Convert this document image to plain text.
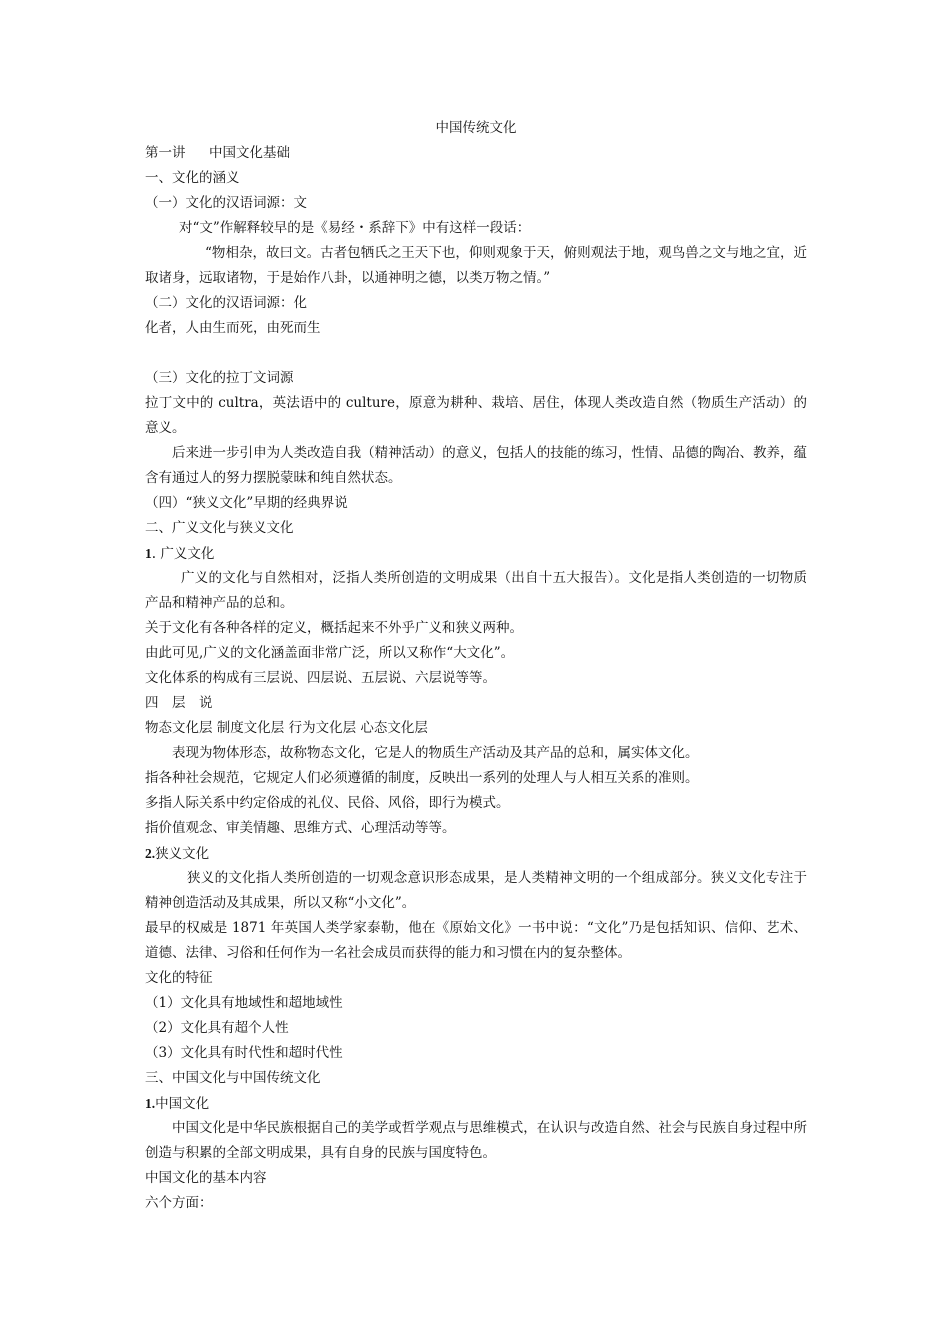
中国传统文化
第一讲 中国文化基础
一、文化的涵义
（一）文化的汉语词源：文
对“文”作解释较早的是《易经・系辞下》中有这样一段话：
“物相杂，故曰文。古者包牺氏之王天下也，仰则观象于天，俯则观法于地，观鸟兽之文与地之宜，近取诸身，远取诸物，于是始作八卦，以通神明之德，以类万物之情。”
（二）文化的汉语词源：化
化者，人由生而死，由死而生
（三）文化的拉丁文词源
拉丁文中的 cultra，英法语中的 culture，原意为耕种、栽培、居住，体现人类改造自然（物质生产活动）的意义。
后来进一步引申为人类改造自我（精神活动）的意义，包括人的技能的练习，性情、品德的陶冶、教养，蕴含有通过人的努力摆脱蒙昧和纯自然状态。
（四）“狭义文化”早期的经典界说
二、广义文化与狭义文化
1. 广义文化
广义的文化与自然相对，泛指人类所创造的文明成果（出自十五大报告）。文化是指人类创造的一切物质产品和精神产品的总和。
关于文化有各种各样的定义，概括起来不外乎广义和狭义两种。
由此可见,广义的文化涵盖面非常广泛，所以又称作“大文化”。
文化体系的构成有三层说、四层说、五层说、六层说等等。
四　层　说
物态文化层 制度文化层 行为文化层 心态文化层
表现为物体形态，故称物态文化，它是人的物质生产活动及其产品的总和，属实体文化。
指各种社会规范，它规定人们必须遵循的制度，反映出一系列的处理人与人相互关系的准则。
多指人际关系中约定俗成的礼仪、民俗、风俗，即行为模式。
指价值观念、审美情趣、思维方式、心理活动等等。
2.狭义文化
狭义的文化指人类所创造的一切观念意识形态成果，是人类精神文明的一个组成部分。狭义文化专注于精神创造活动及其成果，所以又称“小文化”。
最早的权威是 1871 年英国人类学家泰勒，他在《原始文化》一书中说：“文化”乃是包括知识、信仰、艺术、道德、法律、习俗和任何作为一名社会成员而获得的能力和习惯在内的复杂整体。
文化的特征
（1）文化具有地域性和超地域性
（2）文化具有超个人性
（3）文化具有时代性和超时代性
三、中国文化与中国传统文化
1.中国文化
中国文化是中华民族根据自己的美学或哲学观点与思维模式，在认识与改造自然、社会与民族自身过程中所创造与积累的全部文明成果，具有自身的民族与国度特色。
中国文化的基本内容
六个方面：
